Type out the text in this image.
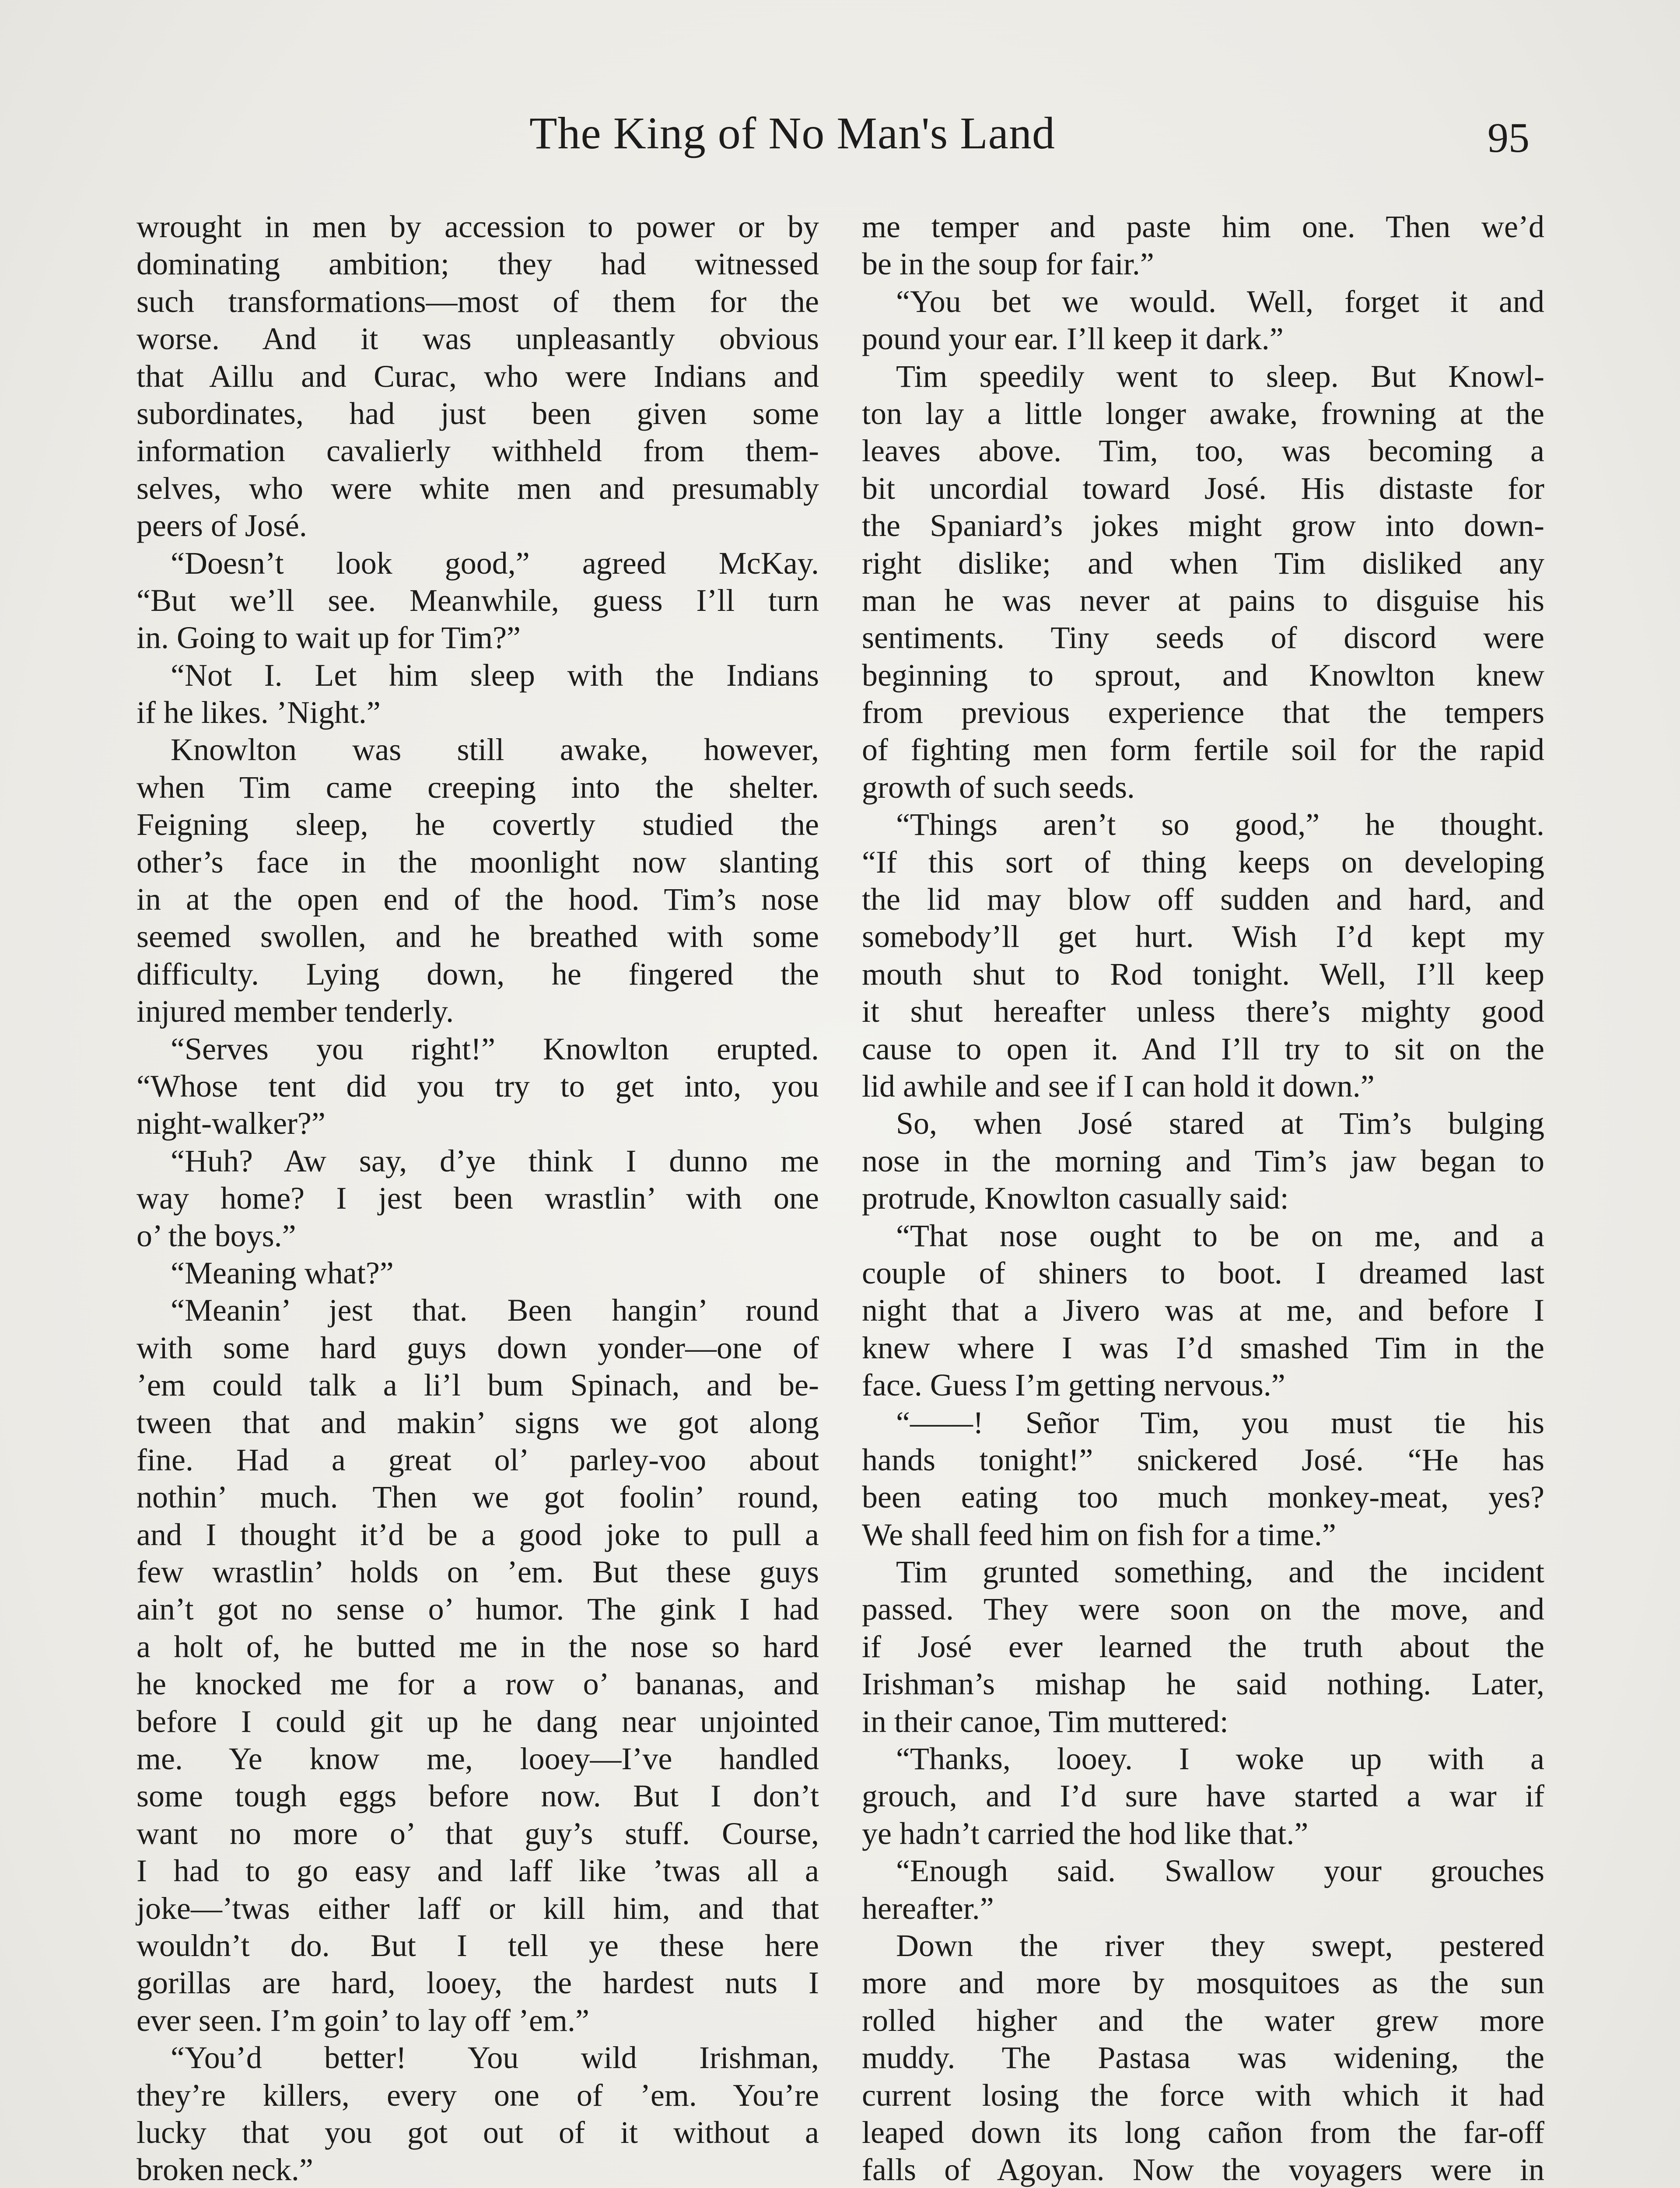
The King of No Man's Land	95
wrought in men by accession to power or by
dominating ambition; they had witnessed
such transformations—most of them for the
worse. And it was unpleasantly obvious
that Aillu and Curac, who were Indians and
subordinates, had just been given some
information cavalierly withheld from them-
selves, who were white men and presumably
peers of José.
“Doesn’t look good,” agreed McKay.
“But we’ll see. Meanwhile, guess I’ll turn
in. Going to wait up for Tim?”
“Not I. Let him sleep with the Indians
if he likes. ’Night.”
Knowlton was still awake, however,
when Tim came creeping into the shelter.
Feigning sleep, he covertly studied the
other’s face in the moonlight now slanting
in at the open end of the hood. Tim’s nose
seemed swollen, and he breathed with some
difficulty. Lying down, he fingered the
injured member tenderly.
“Serves you right!” Knowlton erupted.
“Whose tent did you try to get into, you
night-walker?”
“Huh? Aw say, d’ye think I dunno me
way home? I jest been wrastlin’ with one
o’ the boys.”
“Meaning what?”
“Meanin’ jest that. Been hangin’ round
with some hard guys down yonder—one of
’em could talk a li’l bum Spinach, and be-
tween that and makin’ signs we got along
fine. Had a great ol’ parley-voo about
nothin’ much. Then we got foolin’ round,
and I thought it’d be a good joke to pull a
few wrastlin’ holds on ’em. But these guys
ain’t got no sense o’ humor. The gink I had
a holt of, he butted me in the nose so hard
he knocked me for a row o’ bananas, and
before I could git up he dang near unjointed
me. Ye know me, looey—I’ve handled
some tough eggs before now. But I don’t
want no more o’ that guy’s stuff. Course,
I had to go easy and laff like ’twas all a
joke—’twas either laff or kill him, and that
wouldn’t do. But I tell ye these here
gorillas are hard, looey, the hardest nuts I
ever seen. I’m goin’ to lay off ’em.”
“You’d better! You wild Irishman,
they’re killers, every one of ’em. You’re
lucky that you got out of it without a
broken neck.”
me temper and paste him one. Then we’d
be in the soup for fair.”
“You bet we would. Well, forget it and
pound your ear. I’ll keep it dark.”
Tim speedily went to sleep. But Knowl-
ton lay a little longer awake, frowning at the
leaves above. Tim, too, was becoming a
bit uncordial toward José. His distaste for
the Spaniard’s jokes might grow into down-
right dislike; and when Tim disliked any
man he was never at pains to disguise his
sentiments. Tiny seeds of discord were
beginning to sprout, and Knowlton knew
from previous experience that the tempers
of fighting men form fertile soil for the rapid
growth of such seeds.
“Things aren’t so good,” he thought.
“If this sort of thing keeps on developing
the lid may blow off sudden and hard, and
somebody’ll get hurt. Wish I’d kept my
mouth shut to Rod tonight. Well, I’ll keep
it shut hereafter unless there’s mighty good
cause to open it. And I’ll try to sit on the
lid awhile and see if I can hold it down.”
So, when José stared at Tim’s bulging
nose in the morning and Tim’s jaw began to
protrude, Knowlton casually said:
“That nose ought to be on me, and a
couple of shiners to boot. I dreamed last
night that a Jivero was at me, and before I
knew where I was I’d smashed Tim in the
face. Guess I’m getting nervous.”
“——! Señor Tim, you must tie his
hands tonight!” snickered José. “He has
been eating too much monkey-meat, yes?
We shall feed him on fish for a time.”
Tim grunted something, and the incident
passed. They were soon on the move, and
if José ever learned the truth about the
Irishman’s mishap he said nothing. Later,
in their canoe, Tim muttered:
“Thanks, looey. I woke up with a
grouch, and I’d sure have started a war if
ye hadn’t carried the hod like that.”
“Enough said. Swallow your grouches
hereafter.”
Down the river they swept, pestered
more and more by mosquitoes as the sun
rolled higher and the water grew more
muddy. The Pastasa was widening, the
current losing the force with which it had
leaped down its long cañon from the far-off
falls of Agoyan. Now the voyagers were in
